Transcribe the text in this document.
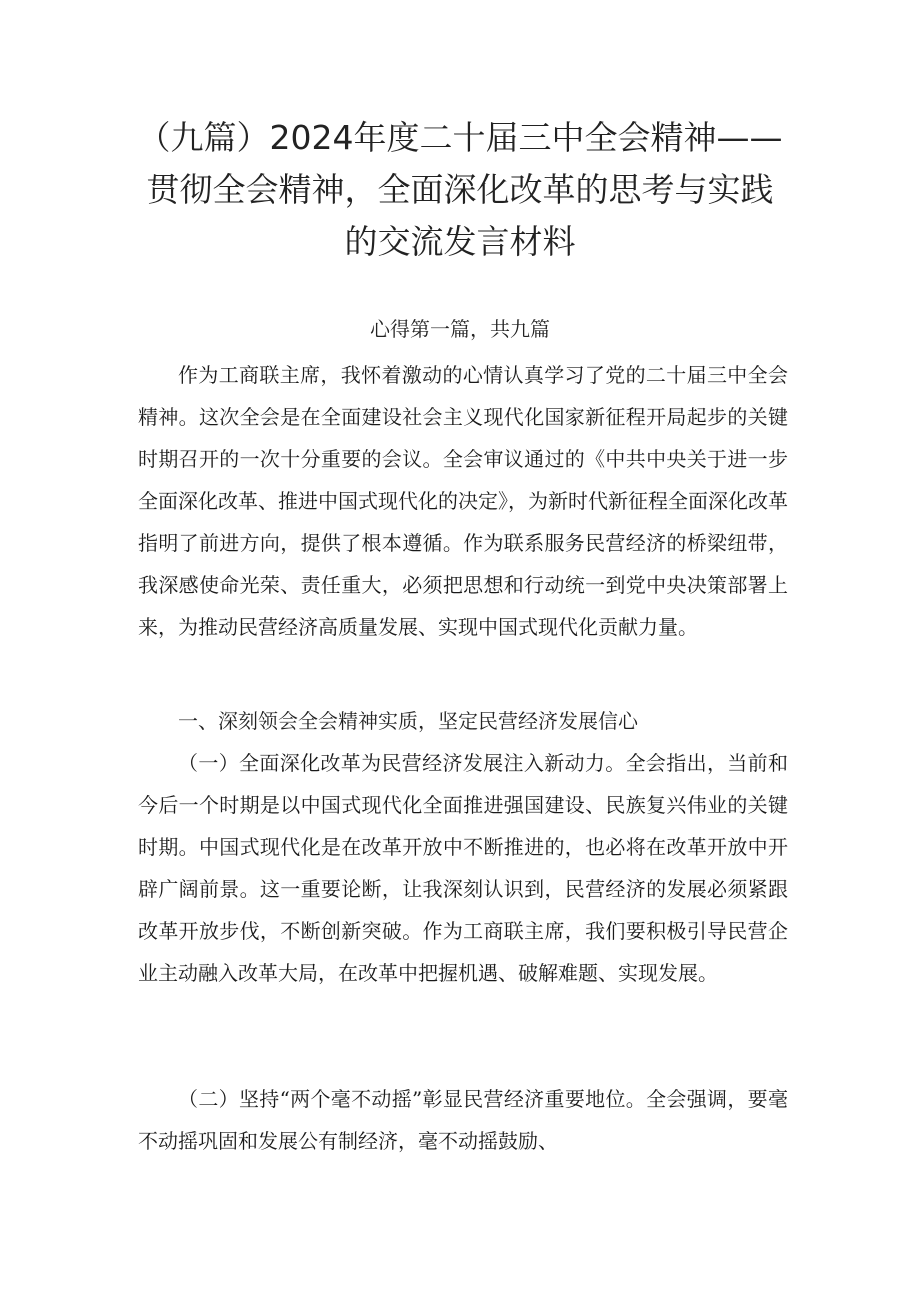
（九篇）2024年度二十届三中全会精神——贯彻全会精神，全面深化改革的思考与实践的交流发言材料
心得第一篇，共九篇

作为工商联主席，我怀着激动的心情认真学习了党的二十届三中全会精神。这次全会是在全面建设社会主义现代化国家新征程开局起步的关键时期召开的一次十分重要的会议。全会审议通过的《中共中央关于进一步全面深化改革、推进中国式现代化的决定》，为新时代新征程全面深化改革指明了前进方向，提供了根本遵循。作为联系服务民营经济的桥梁纽带，我深感使命光荣、责任重大，必须把思想和行动统一到党中央决策部署上来，为推动民营经济高质量发展、实现中国式现代化贡献力量。

一、深刻领会全会精神实质，坚定民营经济发展信心

（一）全面深化改革为民营经济发展注入新动力。全会指出，当前和今后一个时期是以中国式现代化全面推进强国建设、民族复兴伟业的关键时期。中国式现代化是在改革开放中不断推进的，也必将在改革开放中开辟广阔前景。这一重要论断，让我深刻认识到，民营经济的发展必须紧跟改革开放步伐，不断创新突破。作为工商联主席，我们要积极引导民营企业主动融入改革大局，在改革中把握机遇、破解难题、实现发展。

（二）坚持“两个毫不动摇”彰显民营经济重要地位。全会强调，要毫不动摇巩固和发展公有制经济，毫不动摇鼓励、
